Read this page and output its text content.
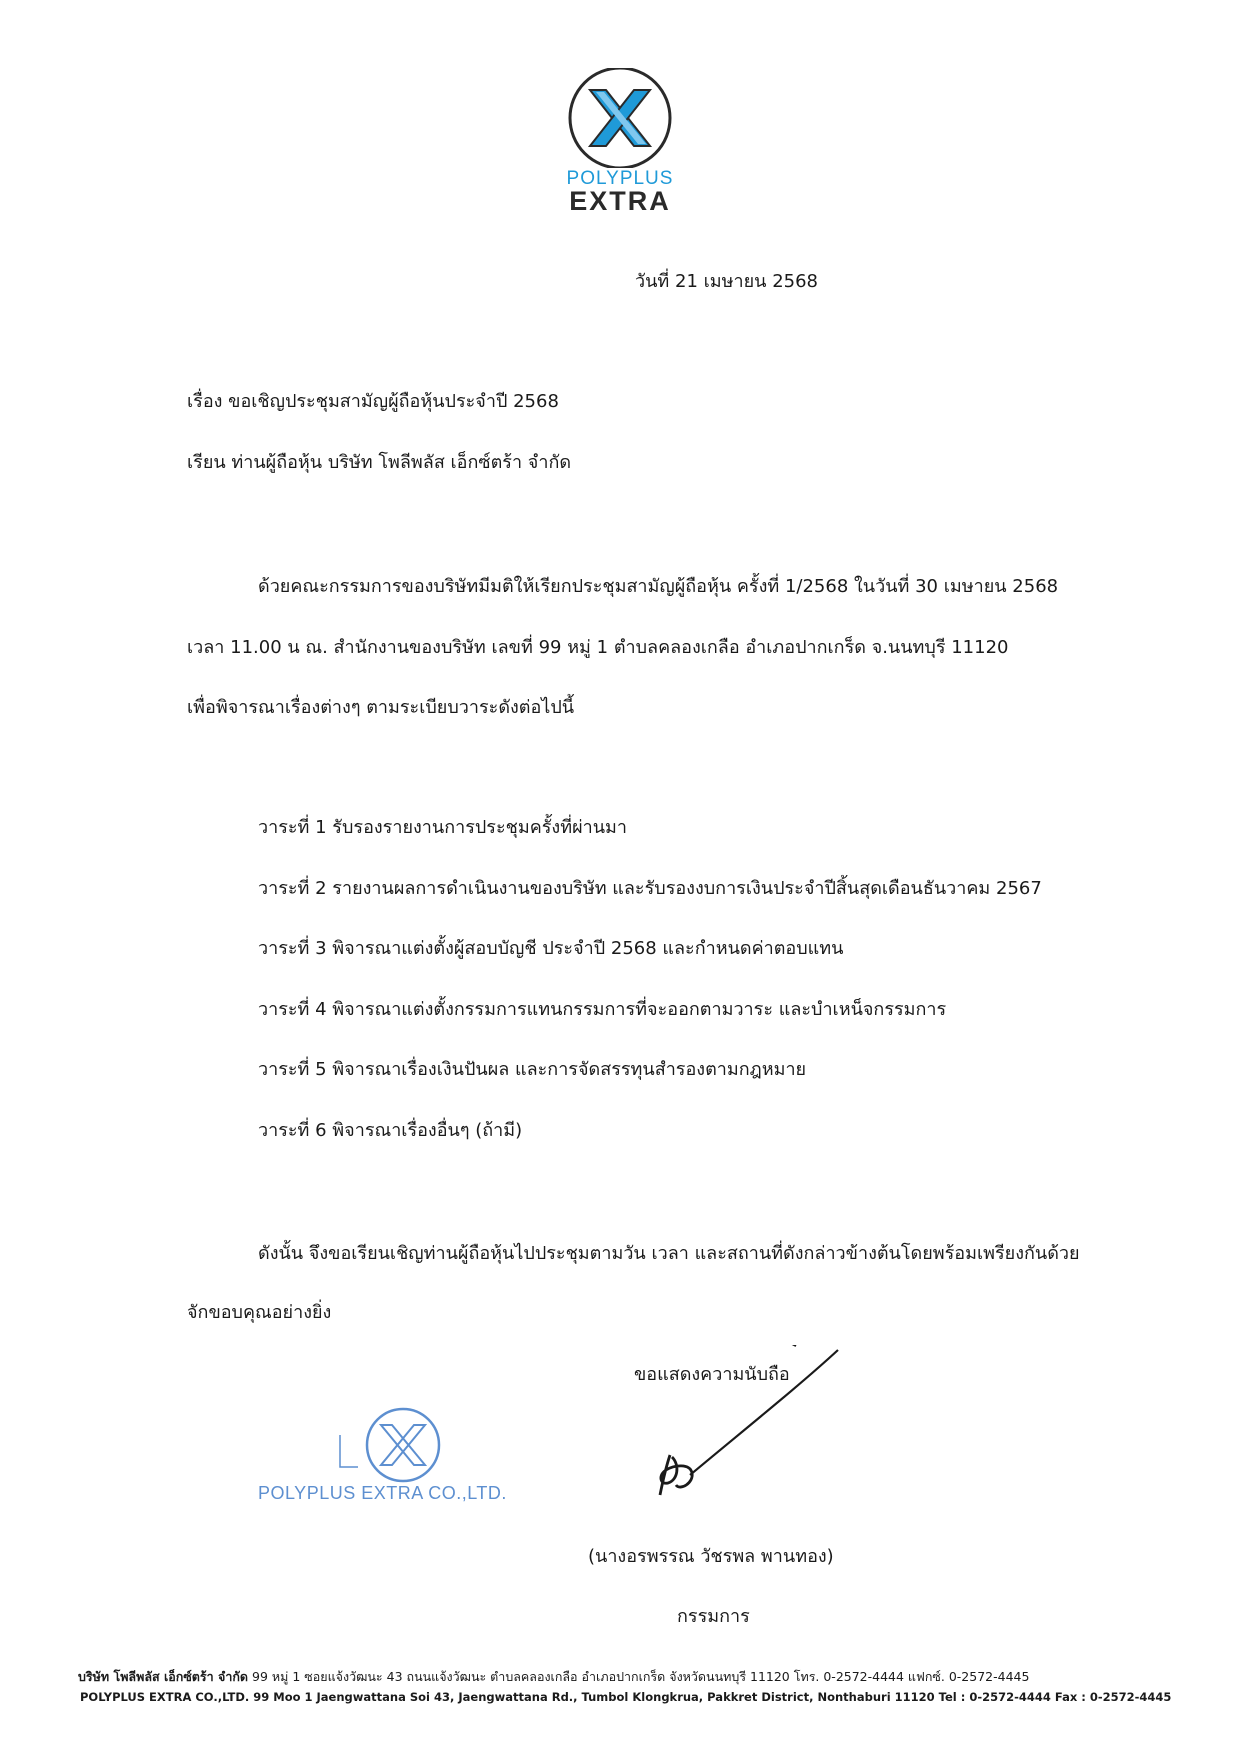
POLYPLUS
EXTRA
วันที่ 21 เมษายน 2568
เรื่อง ขอเชิญประชุมสามัญผู้ถือหุ้นประจำปี 2568
เรียน ท่านผู้ถือหุ้น บริษัท โพลีพลัส เอ็กซ์ตร้า จำกัด
ด้วยคณะกรรมการของบริษัทมีมติให้เรียกประชุมสามัญผู้ถือหุ้น ครั้งที่ 1/2568 ในวันที่ 30 เมษายน 2568
เวลา 11.00 น ณ. สำนักงานของบริษัท เลขที่ 99 หมู่ 1 ตำบลคลองเกลือ อำเภอปากเกร็ด จ.นนทบุรี 11120
เพื่อพิจารณาเรื่องต่างๆ ตามระเบียบวาระดังต่อไปนี้
วาระที่ 1 รับรองรายงานการประชุมครั้งที่ผ่านมา
วาระที่ 2 รายงานผลการดำเนินงานของบริษัท และรับรองงบการเงินประจำปีสิ้นสุดเดือนธันวาคม 2567
วาระที่ 3 พิจารณาแต่งตั้งผู้สอบบัญชี ประจำปี 2568 และกำหนดค่าตอบแทน
วาระที่ 4 พิจารณาแต่งตั้งกรรมการแทนกรรมการที่จะออกตามวาระ และบำเหน็จกรรมการ
วาระที่ 5 พิจารณาเรื่องเงินปันผล และการจัดสรรทุนสำรองตามกฎหมาย
วาระที่ 6 พิจารณาเรื่องอื่นๆ (ถ้ามี)
ดังนั้น จึงขอเรียนเชิญท่านผู้ถือหุ้นไปประชุมตามวัน เวลา และสถานที่ดังกล่าวข้างต้นโดยพร้อมเพรียงกันด้วย
จักขอบคุณอย่างยิ่ง
ขอแสดงความนับถือ
POLYPLUS EXTRA CO.,LTD.
(นางอรพรรณ วัชรพล พานทอง)
กรรมการ
บริษัท โพลีพลัส เอ็กซ์ตร้า จำกัด 99 หมู่ 1 ซอยแจ้งวัฒนะ 43 ถนนแจ้งวัฒนะ ตำบลคลองเกลือ อำเภอปากเกร็ด จังหวัดนนทบุรี 11120 โทร. 0-2572-4444 แฟกซ์. 0-2572-4445
POLYPLUS EXTRA CO.,LTD. 99 Moo 1 Jaengwattana Soi 43, Jaengwattana Rd., Tumbol Klongkrua, Pakkret District, Nonthaburi 11120 Tel : 0-2572-4444 Fax : 0-2572-4445
